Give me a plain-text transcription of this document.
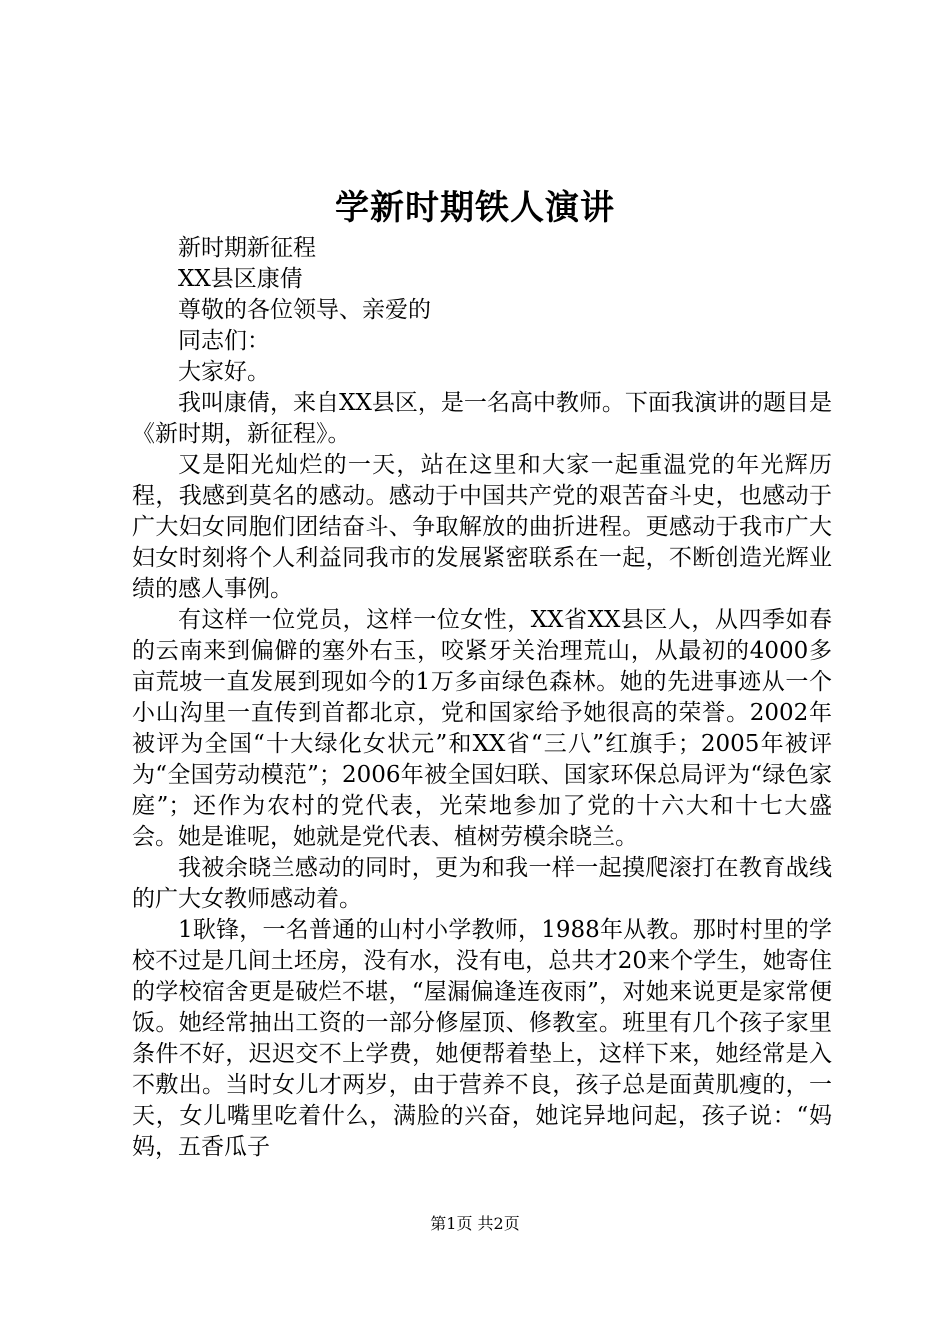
学新时期铁人演讲

新时期新征程

XX县区康倩

尊敬的各位领导、亲爱的

同志们：

大家好。

我叫康倩，来自XX县区，是一名高中教师。下面我演讲的题目是《新时期，新征程》。

又是阳光灿烂的一天，站在这里和大家一起重温党的年光辉历程，我感到莫名的感动。感动于中国共产党的艰苦奋斗史，也感动于广大妇女同胞们团结奋斗、争取解放的曲折进程。更感动于我市广大妇女时刻将个人利益同我市的发展紧密联系在一起，不断创造光辉业绩的感人事例。

有这样一位党员，这样一位女性，XX省XX县区人，从四季如春的云南来到偏僻的塞外右玉，咬紧牙关治理荒山，从最初的4000多亩荒坡一直发展到现如今的1万多亩绿色森林。她的先进事迹从一个小山沟里一直传到首都北京，党和国家给予她很高的荣誉。2002年被评为全国“十大绿化女状元”和XX省“三八”红旗手；2005年被评为“全国劳动模范”；2006年被全国妇联、国家环保总局评为“绿色家庭”；还作为农村的党代表，光荣地参加了党的十六大和十七大盛会。她是谁呢，她就是党代表、植树劳模余晓兰。

我被余晓兰感动的同时，更为和我一样一起摸爬滚打在教育战线的广大女教师感动着。

1耿锋，一名普通的山村小学教师，1988年从教。那时村里的学校不过是几间土坯房，没有水，没有电，总共才20来个学生，她寄住的学校宿舍更是破烂不堪，“屋漏偏逢连夜雨”，对她来说更是家常便饭。她经常抽出工资的一部分修屋顶、修教室。班里有几个孩子家里条件不好，迟迟交不上学费，她便帮着垫上，这样下来，她经常是入不敷出。当时女儿才两岁，由于营养不良，孩子总是面黄肌瘦的，一天，女儿嘴里吃着什么，满脸的兴奋，她诧异地问起，孩子说：“妈妈，五香瓜子

第1页 共2页
